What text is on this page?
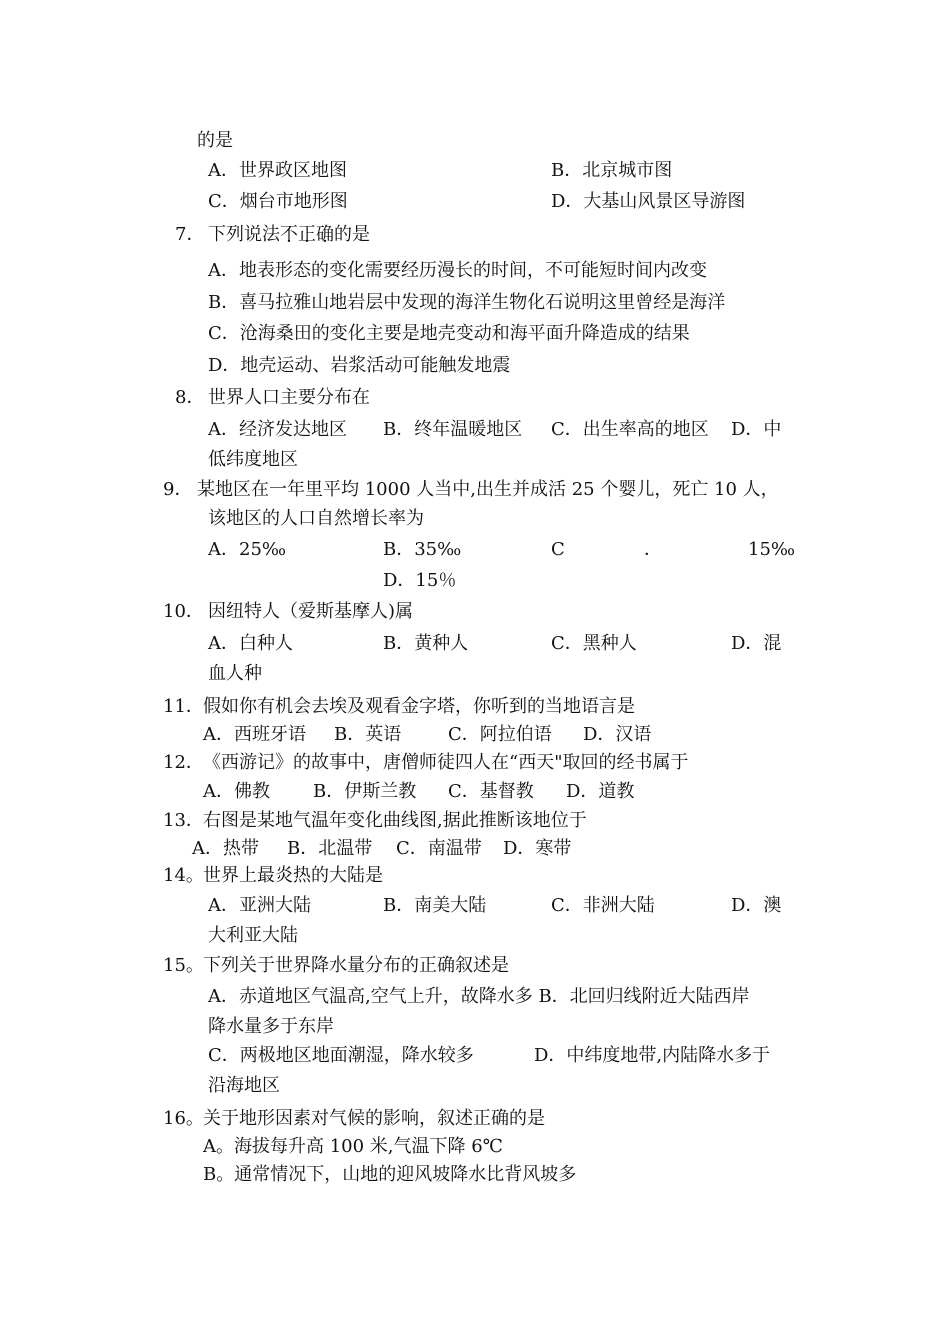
的是
A．世界政区地图	B．北京城市图
C．烟台市地形图	D．大基山风景区导游图
7． 下列说法不正确的是
A．地表形态的变化需要经历漫长的时间，不可能短时间内改变
B．喜马拉雅山地岩层中发现的海洋生物化石说明这里曾经是海洋
C．沧海桑田的变化主要是地壳变动和海平面升降造成的结果
D．地壳运动、岩浆活动可能触发地震
8． 世界人口主要分布在
A．经济发达地区 B．终年温暖地区 C．出生率高的地区 D．中
低纬度地区
9． 某地区在一年里平均 1000 人当中,出生并成活 25 个婴儿，死亡 10 人，
该地区的人口自然增长率为
A．25‰	B．35‰	C	．	15‰
D．15％
10． 因纽特人（爱斯基摩人)属
A．白种人	B．黄种人	C．黑种人	D．混
血人种
11． 假如你有机会去埃及观看金字塔，你听到的当地语言是
A．西班牙语 B．英语	C．阿拉伯语 D．汉语
12． 《西游记》的故事中，唐僧师徒四人在“西天"取回的经书属于
A．佛教 B．伊斯兰教 C．基督教 D．道教
13． 右图是某地气温年变化曲线图,据此推断该地位于
A．热带 B．北温带 C．南温带 D．寒带
14。 世界上最炎热的大陆是
A．亚洲大陆	B．南美大陆	C．非洲大陆	D．澳
大利亚大陆
15。 下列关于世界降水量分布的正确叙述是
A．赤道地区气温高,空气上升，故降水多 B．北回归线附近大陆西岸
降水量多于东岸
C．两极地区地面潮湿，降水较多	D．中纬度地带,内陆降水多于
沿海地区
16。 关于地形因素对气候的影响，叙述正确的是
A。海拔每升高 100 米,气温下降 6℃
B。通常情况下，山地的迎风坡降水比背风坡多
